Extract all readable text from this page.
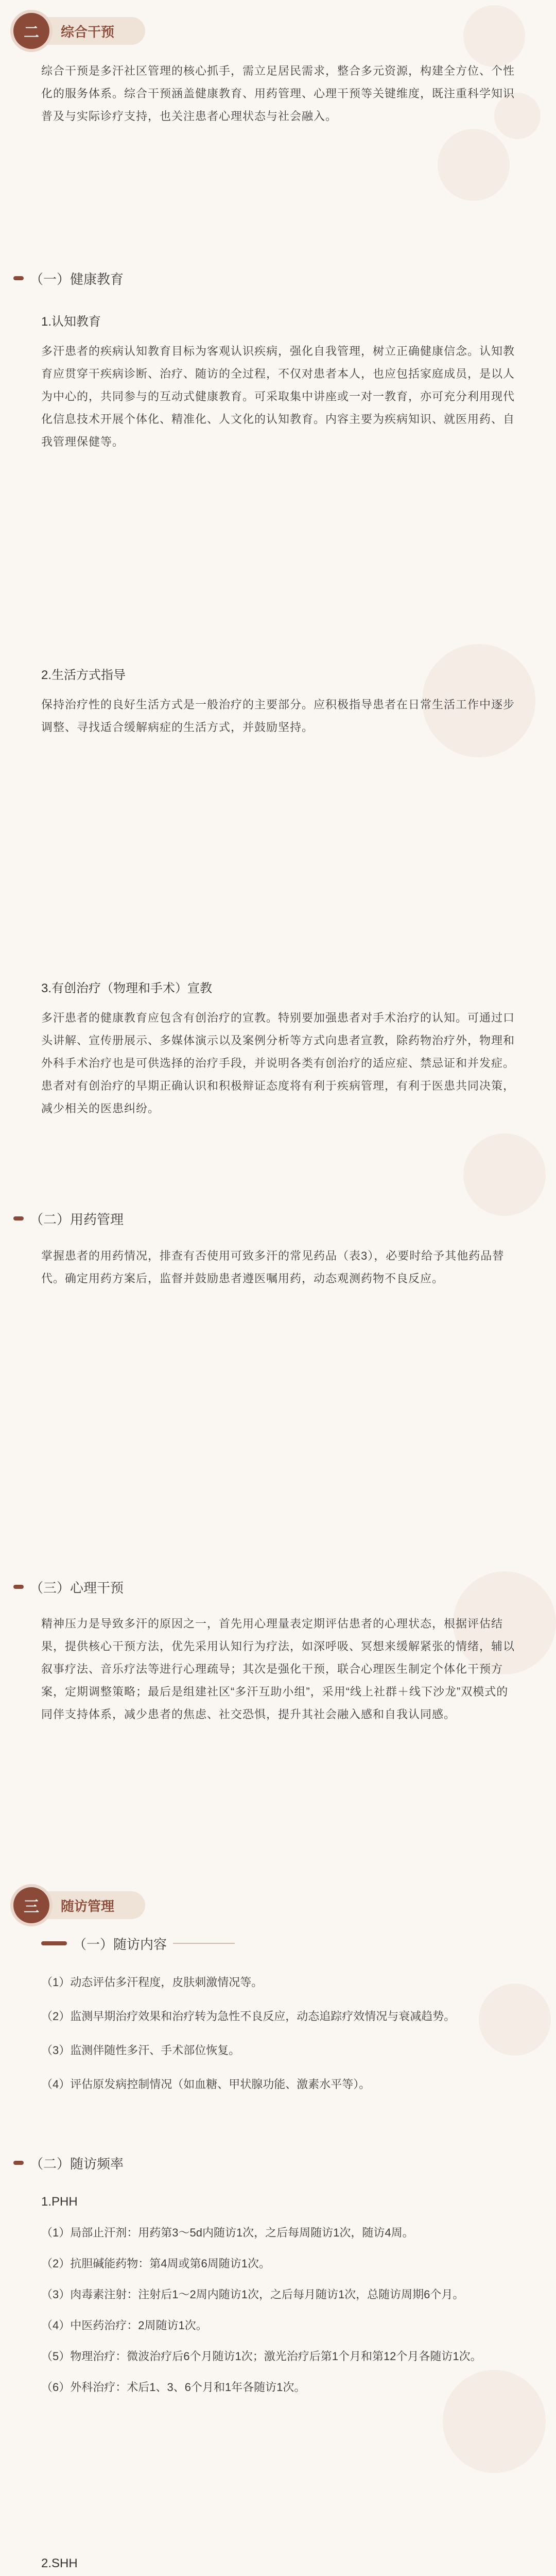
二	综合干预
综合干预是多汗社区管理的核心抓手，需立足居民需求，整合多元资源，构建全方位、个性化的服务体系。综合干预涵盖健康教育、用药管理、心理干预等关键维度，既注重科学知识普及与实际诊疗支持，也关注患者心理状态与社会融入。
（一）健康教育
1.认知教育
多汗患者的疾病认知教育目标为客观认识疾病，强化自我管理，树立正确健康信念。认知教育应贯穿干疾病诊断、治疗、随访的全过程，不仅对患者本人，也应包括家庭成员，是以人为中心的，共同参与的互动式健康教育。可采取集中讲座或一对一教育，亦可充分利用现代化信息技术开展个体化、精准化、人文化的认知教育。内容主要为疾病知识、就医用药、自我管理保健等。
2.生活方式指导
保持治疗性的良好生活方式是一般治疗的主要部分。应积极指导患者在日常生活工作中逐步调整、寻找适合缓解病症的生活方式，并鼓励坚持。
3.有创治疗（物理和手术）宣教
多汗患者的健康教育应包含有创治疗的宣教。特别要加强患者对手术治疗的认知。可通过口头讲解、宣传册展示、多媒体演示以及案例分析等方式向患者宣教，除药物治疗外，物理和外科手术治疗也是可供选择的治疗手段，并说明各类有创治疗的适应症、禁忌证和并发症。患者对有创治疗的早期正确认识和积极辩证态度将有利于疾病管理，有利于医患共同决策，减少相关的医患纠纷。
（二）用药管理
掌握患者的用药情况，排查有否使用可致多汗的常见药品（表3），必要时给予其他药品替代。确定用药方案后，监督并鼓励患者遵医嘱用药，动态观测药物不良反应。
（三）心理干预
精神压力是导致多汗的原因之一，首先用心理量表定期评估患者的心理状态，根据评估结果，提供核心干预方法，优先采用认知行为疗法，如深呼吸、冥想来缓解紧张的情绪，辅以叙事疗法、音乐疗法等进行心理疏导；其次是强化干预，联合心理医生制定个体化干预方案，定期调整策略；最后是组建社区“多汗互助小组”，采用“线上社群＋线下沙龙”双模式的同伴支持体系，减少患者的焦虑、社交恐惧，提升其社会融入感和自我认同感。
三	随访管理
（一）随访内容
（1）动态评估多汗程度，皮肤刺激情况等。
（2）监测早期治疗效果和治疗转为急性不良反应，动态追踪疗效情况与衰减趋势。
（3）监测伴随性多汗、手术部位恢复。
（4）评估原发病控制情况（如血糖、甲状腺功能、激素水平等）。
（二）随访频率
1.PHH
（1）局部止汗剂：用药第3～5d内随访1次，之后每周随访1次，随访4周。
（2）抗胆碱能药物：第4周或第6周随访1次。
（3）肉毒素注射：注射后1～2周内随访1次，之后每月随访1次，总随访周期6个月。
（4）中医药治疗：2周随访1次。
（5）物理治疗：微波治疗后6个月随访1次；激光治疗后第1个月和第12个月各随访1次。
（6）外科治疗：术后1、3、6个月和1年各随访1次。
2.SHH
